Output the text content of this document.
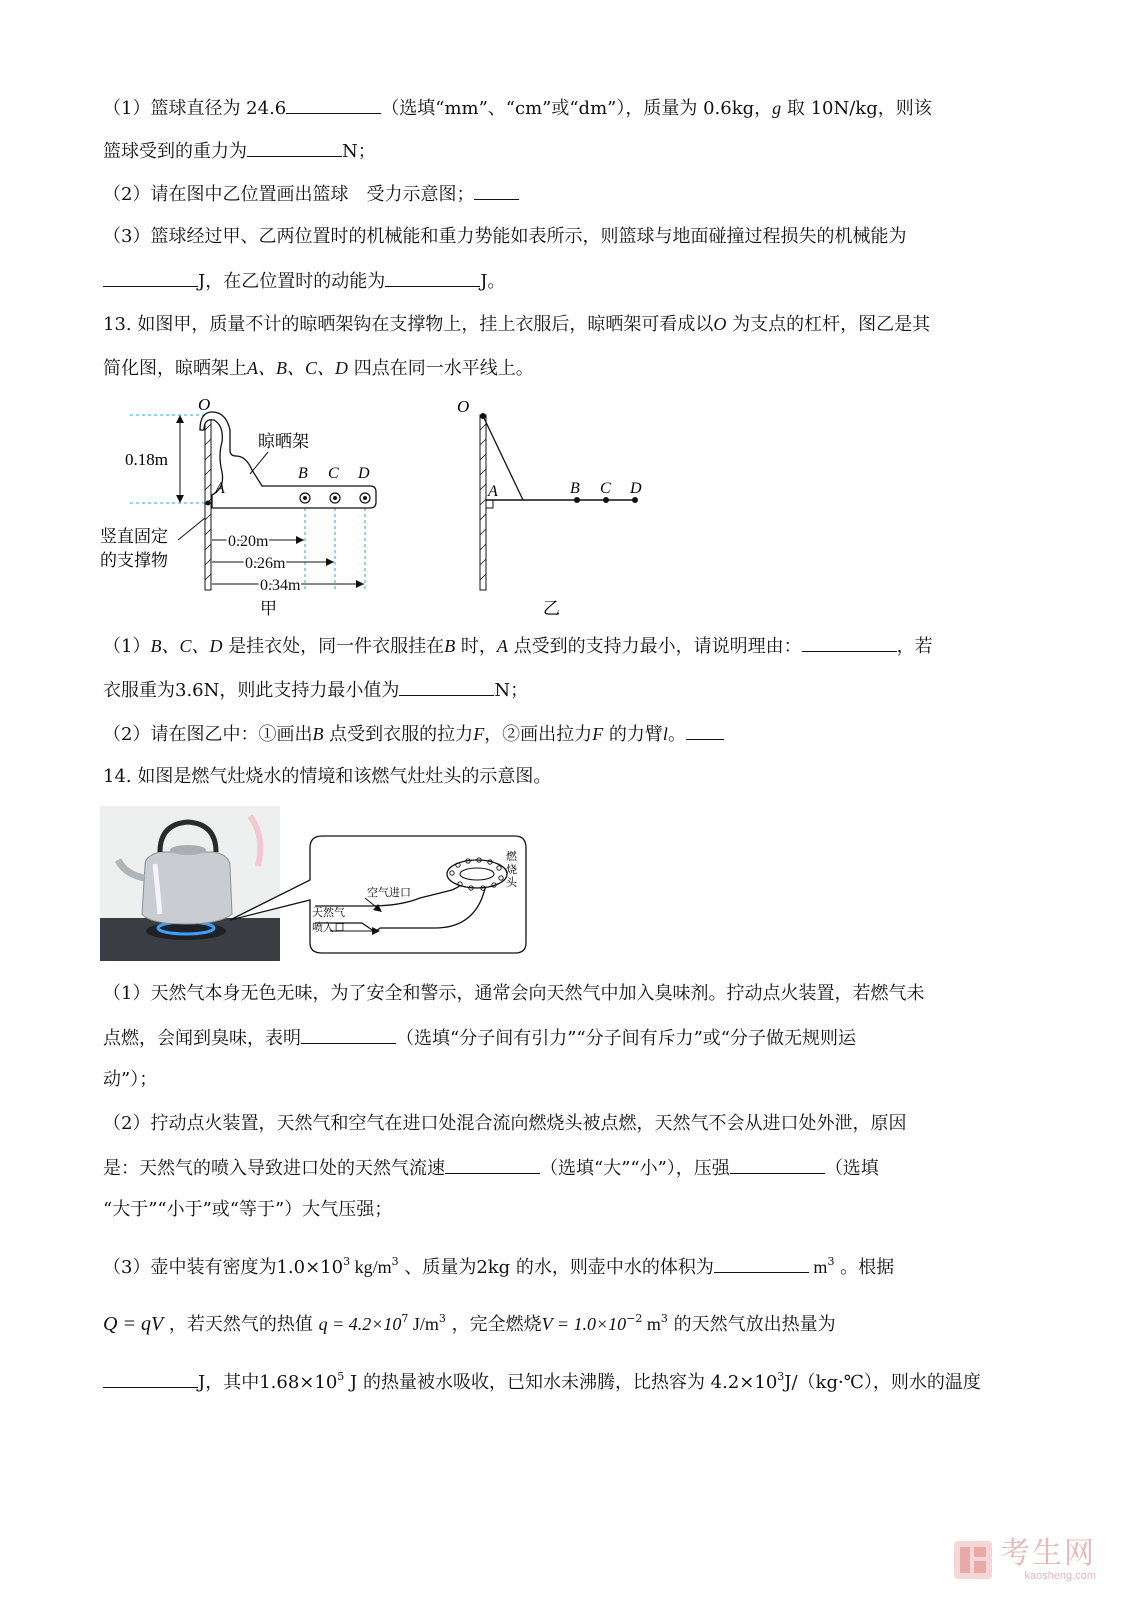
（1）篮球直径为 24.6	（选填“mm”、“cm”或“dm”），质量为 0.6kg，g 取 10N/kg，则该
篮球受到的重力为	N；
（2）请在图中乙位置画出篮球　受力示意图；
（3）篮球经过甲、乙两位置时的机械能和重力势能如表所示，则篮球与地面碰撞过程损失的机械能为
J，在乙位置时的动能为	J。
13. 如图甲，质量不计的晾晒架钩在支撑物上，挂上衣服后，晾晒架可看成以O 为支点的杠杆，图乙是其
简化图，晾晒架上A、B、C、D 四点在同一水平线上。
0.18m
O
A
B C D
晾晒架
竖直固定
的支撑物
0.20m
0.26m
0.34m
甲
O
A	B C D
乙
（1）B、C、D 是挂衣处，同一件衣服挂在B 时，A 点受到的支持力最小，请说明理由：	，若
衣服重为3.6N，则此支持力最小值为	N；
（2）请在图乙中：①画出B 点受到衣服的拉力F，②画出拉力F 的力臂l。
14. 如图是燃气灶烧水的情境和该燃气灶灶头的示意图。
空气进口
天然气
喷入口
燃
烧
头
（1）天然气本身无色无味，为了安全和警示，通常会向天然气中加入臭味剂。拧动点火装置，若燃气未
点燃，会闻到臭味，表明	（选填“分子间有引力”“分子间有斥力”或“分子做无规则运
动”）；
（2）拧动点火装置，天然气和空气在进口处混合流向燃烧头被点燃，天然气不会从进口处外泄，原因
是：天然气的喷入导致进口处的天然气流速	（选填“大”“小”），压强	（选填
“大于”“小于”或“等于”）大气压强；
（3）壶中装有密度为$1.0\times 10^3$ $kg/m^3$ 、质量为2kg 的水，则壶中水的体积为	$m^3$ 。根据
Q = qV ，若天然气的热值 $q = 4.2\times 10^7$ $J/m^3$ ，完全燃烧$V = 1.0\times 10^{-2}$ $m^3$ 的天然气放出热量为
J，其中$1.68\times 10^5$ J 的热量被水吸收，已知水未沸腾，比热容为 $4.2\times 10^3J/(kg\cdot℃)$，则水的温度
考生网
kaosheng.com
